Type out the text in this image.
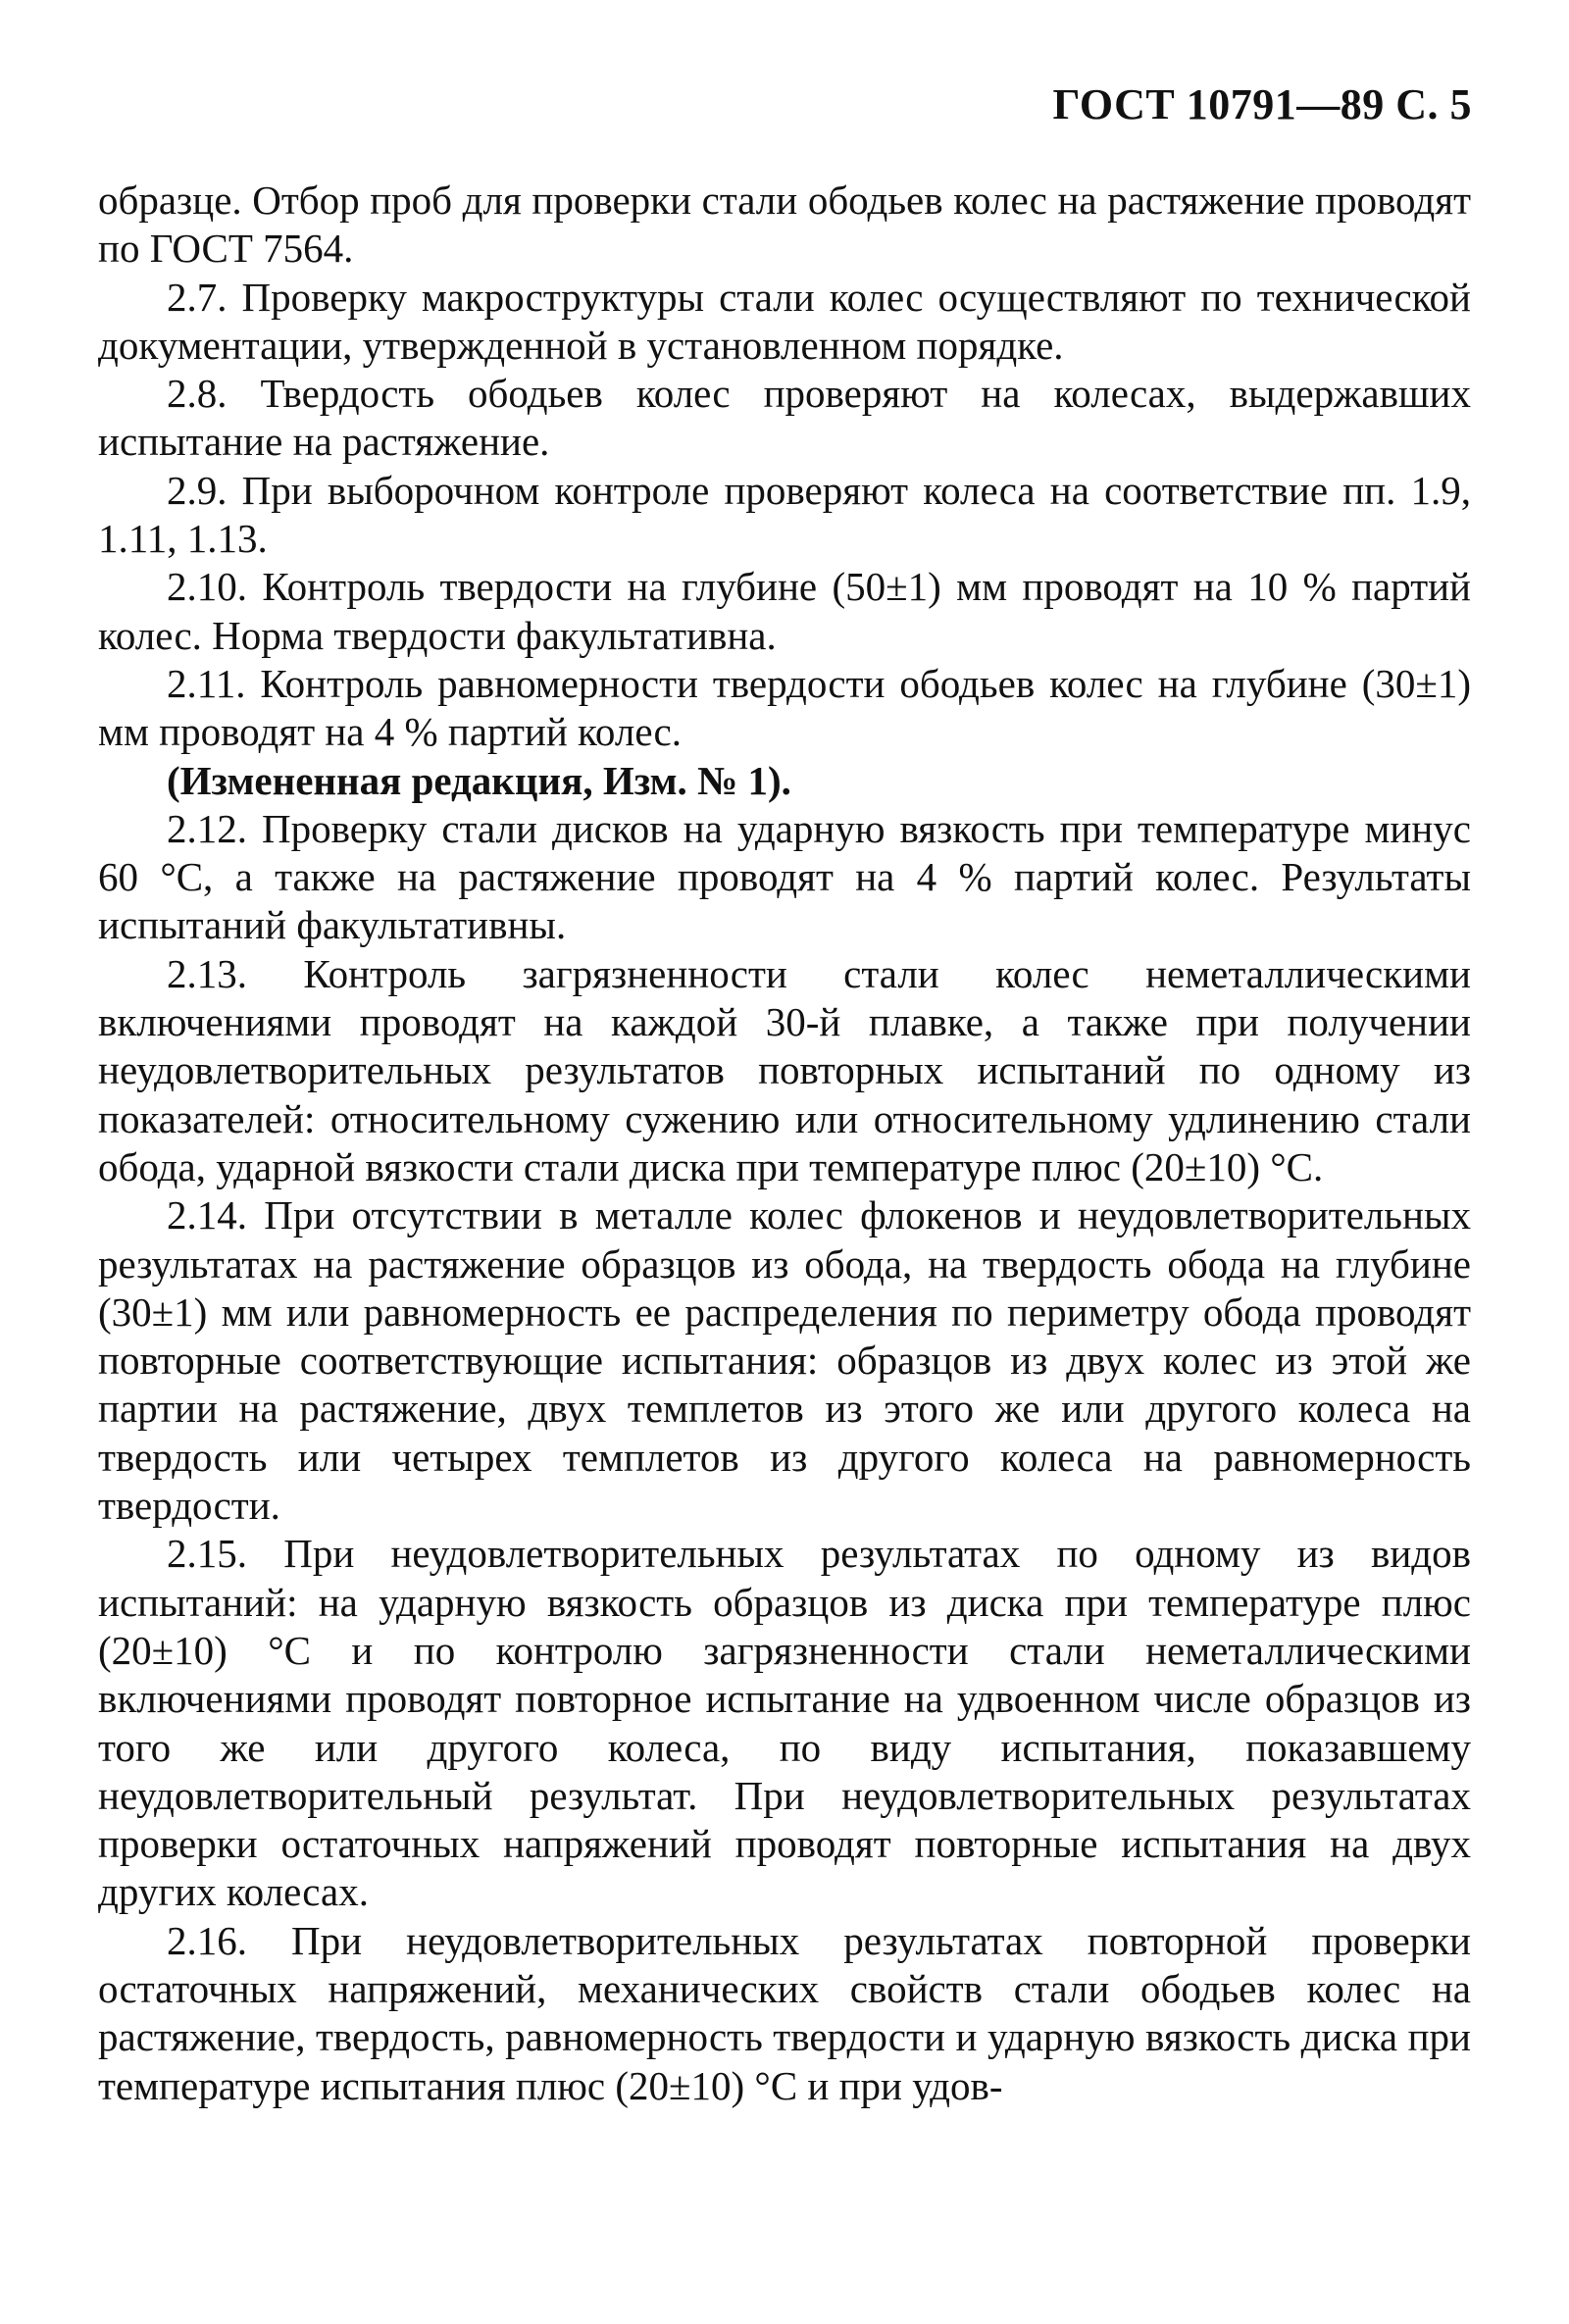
ГОСТ 10791—89 С. 5

образце. Отбор проб для проверки стали ободьев колес на растяжение проводят по ГОСТ 7564.

2.7. Проверку макроструктуры стали колес осуществляют по технической документации, утвержденной в установленном порядке.

2.8. Твердость ободьев колес проверяют на колесах, выдержавших испытание на растяжение.

2.9. При выборочном контроле проверяют колеса на соответствие пп. 1.9, 1.11, 1.13.

2.10. Контроль твердости на глубине (50±1) мм проводят на 10 % партий колес. Норма твердости факультативна.

2.11. Контроль равномерности твердости ободьев колес на глубине (30±1) мм проводят на 4 % партий колес.

(Измененная редакция, Изм. № 1).

2.12. Проверку стали дисков на ударную вязкость при температуре минус 60 °С, а также на растяжение проводят на 4 % партий колес. Результаты испытаний факультативны.

2.13. Контроль загрязненности стали колес неметаллическими включениями проводят на каждой 30-й плавке, а также при получении неудовлетворительных результатов повторных испытаний по одному из показателей: относительному сужению или относительному удлинению стали обода, ударной вязкости стали диска при температуре плюс (20±10) °С.

2.14. При отсутствии в металле колес флокенов и неудовлетворительных результатах на растяжение образцов из обода, на твердость обода на глубине (30±1) мм или равномерность ее распределения по периметру обода проводят повторные соответствующие испытания: образцов из двух колес из этой же партии на растяжение, двух темплетов из этого же или другого колеса на твердость или четырех темплетов из другого колеса на равномерность твердости.

2.15. При неудовлетворительных результатах по одному из видов испытаний: на ударную вязкость образцов из диска при температуре плюс (20±10) °С и по контролю загрязненности стали неметаллическими включениями проводят повторное испытание на удвоенном числе образцов из того же или другого колеса, по виду испытания, показавшему неудовлетворительный результат. При неудовлетворительных результатах проверки остаточных напряжений проводят повторные испытания на двух других колесах.

2.16. При неудовлетворительных результатах повторной проверки остаточных напряжений, механических свойств стали ободьев колес на растяжение, твердость, равномерность твердости и ударную вязкость диска при температуре испытания плюс (20±10) °С и при удов-
